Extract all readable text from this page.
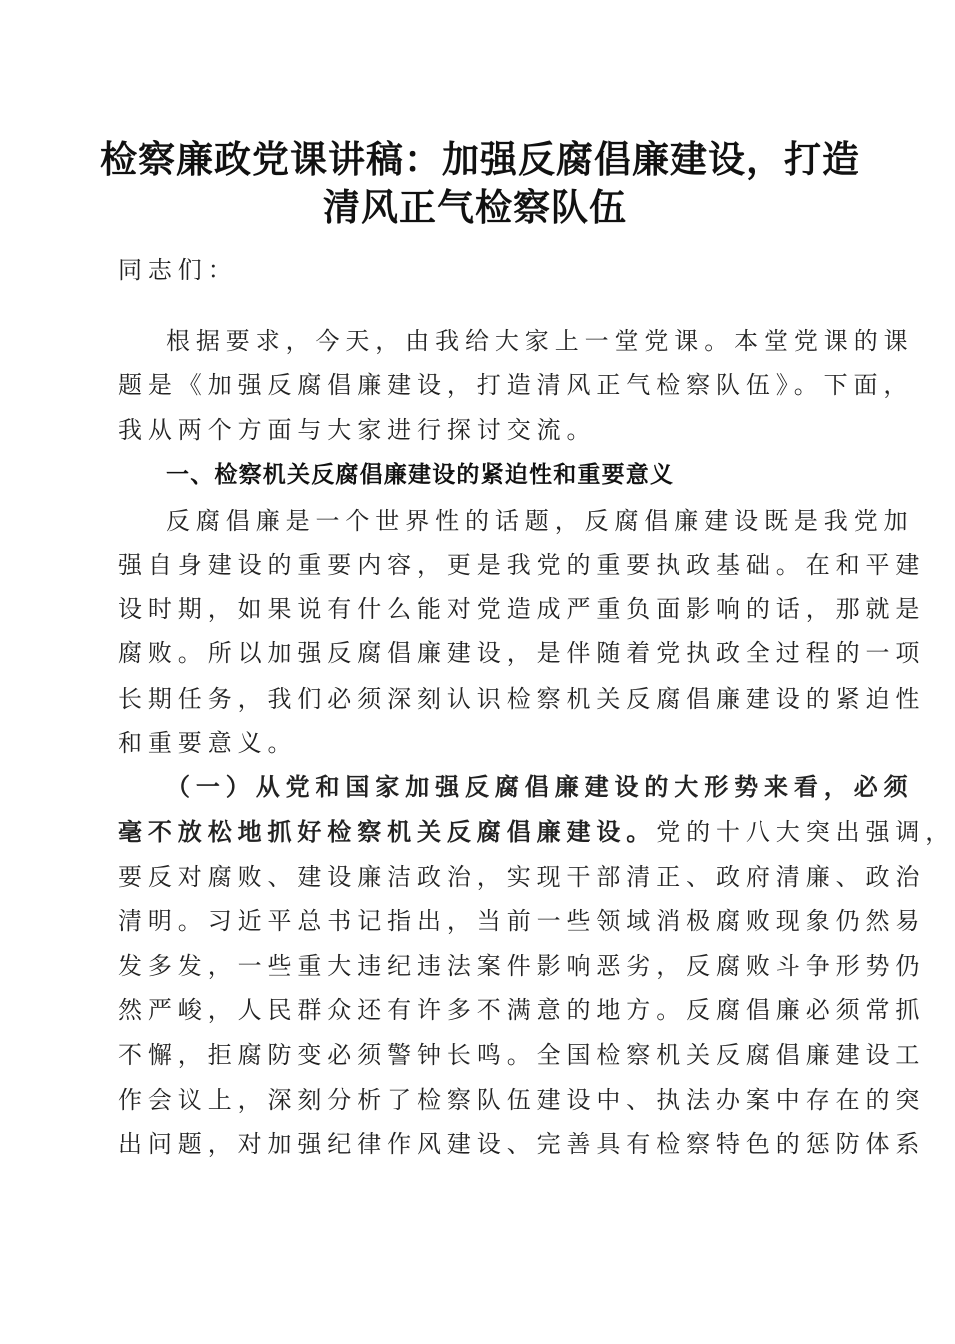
检察廉政党课讲稿：加强反腐倡廉建设，打造
清风正气检察队伍
同志们：
根据要求，今天，由我给大家上一堂党课。本堂党课的课
题是《加强反腐倡廉建设，打造清风正气检察队伍》。下面，
我从两个方面与大家进行探讨交流。
一、检察机关反腐倡廉建设的紧迫性和重要意义
反腐倡廉是一个世界性的话题，反腐倡廉建设既是我党加
强自身建设的重要内容，更是我党的重要执政基础。在和平建
设时期，如果说有什么能对党造成严重负面影响的话，那就是
腐败。所以加强反腐倡廉建设，是伴随着党执政全过程的一项
长期任务，我们必须深刻认识检察机关反腐倡廉建设的紧迫性
和重要意义。
（一）从党和国家加强反腐倡廉建设的大形势来看，必须
毫不放松地抓好检察机关反腐倡廉建设。党的十八大突出强调，
要反对腐败、建设廉洁政治，实现干部清正、政府清廉、政治
清明。习近平总书记指出，当前一些领域消极腐败现象仍然易
发多发，一些重大违纪违法案件影响恶劣，反腐败斗争形势仍
然严峻，人民群众还有许多不满意的地方。反腐倡廉必须常抓
不懈，拒腐防变必须警钟长鸣。全国检察机关反腐倡廉建设工
作会议上，深刻分析了检察队伍建设中、执法办案中存在的突
出问题，对加强纪律作风建设、完善具有检察特色的惩防体系
